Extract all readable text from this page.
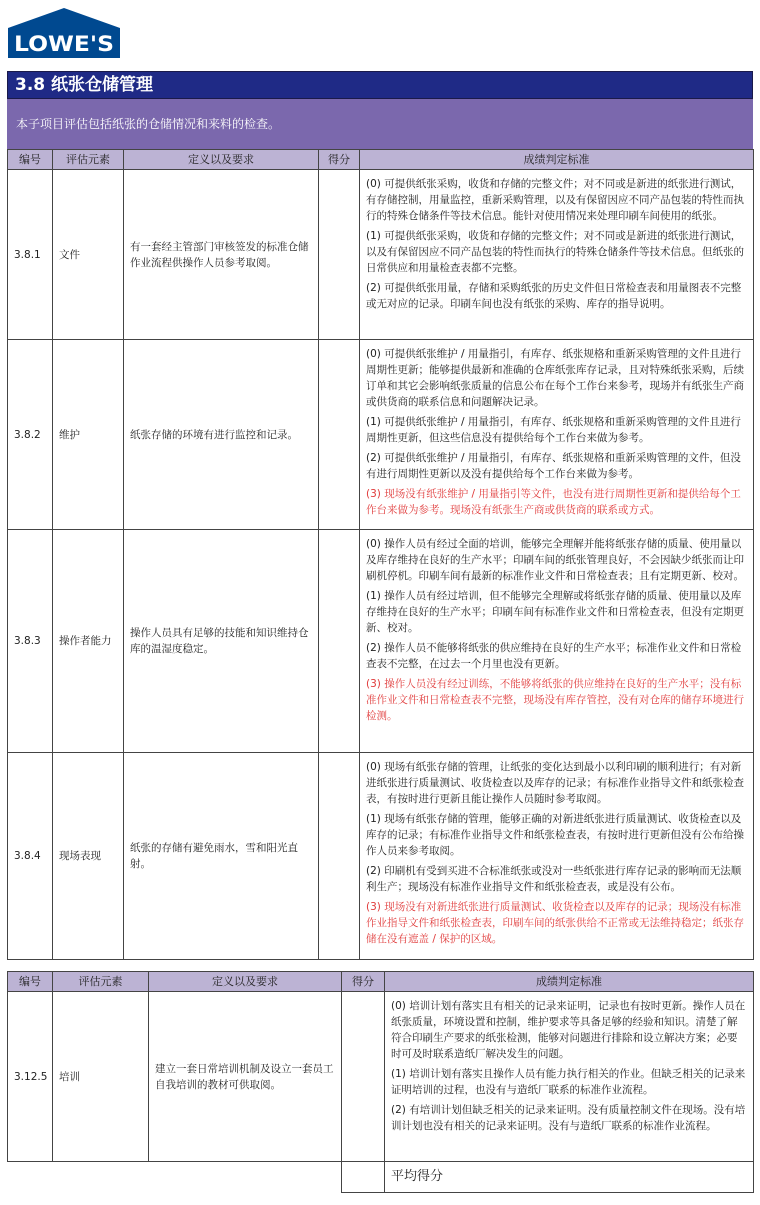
LOWE'S
3.8 纸张仓储管理
本子项目评估包括纸张的仓储情况和来料的检查。
编号	评估元素	定义以及要求	得分	成绩判定标准
3.8.1	文件	有一套经主管部门审核签发的标准仓储作业流程供操作人员参考取阅。		(0) 可提供纸张采购，收货和存储的完整文件；对不同或是新进的纸张进行测试，有存储控制，用量监控，重新采购管理，以及有保留因应不同产品包装的特性而执行的特殊仓储条件等技术信息。能针对使用情况来处理印刷车间使用的纸张。

(1) 可提供纸张采购，收货和存储的完整文件；对不同或是新进的纸张进行测试，以及有保留因应不同产品包装的特性而执行的特殊仓储条件等技术信息。但纸张的日常供应和用量检查表都不完整。

(2) 可提供纸张用量，存储和采购纸张的历史文件但日常检查表和用量图表不完整或无对应的记录。印刷车间也没有纸张的采购、库存的指导说明。

3.8.2	维护	纸张存储的环境有进行监控和记录。		(0) 可提供纸张维护 / 用量指引，有库存、纸张规格和重新采购管理的文件且进行周期性更新；能够提供最新和准确的仓库纸张库存记录，且对特殊纸张采购，后续订单和其它会影响纸张质量的信息公布在每个工作台来参考，现场并有纸张生产商或供货商的联系信息和问题解决记录。

(1) 可提供纸张维护 / 用量指引，有库存、纸张规格和重新采购管理的文件且进行周期性更新，但这些信息没有提供给每个工作台来做为参考。

(2) 可提供纸张维护 / 用量指引，有库存、纸张规格和重新采购管理的文件，但没有进行周期性更新以及没有提供给每个工作台来做为参考。

(3) 现场没有纸张维护 / 用量指引等文件，也没有进行周期性更新和提供给每个工作台来做为参考。现场没有纸张生产商或供货商的联系或方式。

3.8.3	操作者能力	操作人员具有足够的技能和知识维持仓库的温湿度稳定。		(0) 操作人员有经过全面的培训，能够完全理解并能将纸张存储的质量、使用量以及库存维持在良好的生产水平；印刷车间的纸张管理良好，不会因缺少纸张而让印刷机停机。印刷车间有最新的标准作业文件和日常检查表；且有定期更新、校对。

(1) 操作人员有经过培训，但不能够完全理解或将纸张存储的质量、使用量以及库存维持在良好的生产水平；印刷车间有标准作业文件和日常检查表，但没有定期更新、校对。

(2) 操作人员不能够将纸张的供应维持在良好的生产水平；标准作业文件和日常检查表不完整，在过去一个月里也没有更新。

(3) 操作人员没有经过训练，不能够将纸张的供应维持在良好的生产水平；没有标准作业文件和日常检查表不完整，现场没有库存管控，没有对仓库的储存环境进行检测。

3.8.4	现场表现	纸张的存储有避免雨水，雪和阳光直射。		(0) 现场有纸张存储的管理，让纸张的变化达到最小以利印刷的顺利进行；有对新进纸张进行质量测试、收货检查以及库存的记录；有标准作业指导文件和纸张检查表，有按时进行更新且能让操作人员随时参考取阅。

(1) 现场有纸张存储的管理，能够正确的对新进纸张进行质量测试、收货检查以及库存的记录；有标准作业指导文件和纸张检查表，有按时进行更新但没有公布给操作人员来参考取阅。

(2) 印刷机有受到买进不合标准纸张或没对一些纸张进行库存记录的影响而无法顺利生产；现场没有标准作业指导文件和纸张检查表，或是没有公布。

(3) 现场没有对新进纸张进行质量测试、收货检查以及库存的记录；现场没有标准作业指导文件和纸张检查表，印刷车间的纸张供给不正常或无法维持稳定；纸张存储在没有遮盖 / 保护的区域。

编号	评估元素	定义以及要求	得分	成绩判定标准
3.12.5	培训	建立一套日常培训机制及设立一套员工自我培训的教材可供取阅。		(0) 培训计划有落实且有相关的记录来证明，记录也有按时更新。操作人员在纸张质量，环境设置和控制，维护要求等具备足够的经验和知识。清楚了解符合印刷生产要求的纸张检测，能够对问题进行排除和设立解决方案；必要时可及时联系造纸厂解决发生的问题。

(1) 培训计划有落实且操作人员有能力执行相关的作业。但缺乏相关的记录来证明培训的过程，也没有与造纸厂联系的标准作业流程。

(2) 有培训计划但缺乏相关的记录来证明。没有质量控制文件在现场。没有培训计划也没有相关的记录来证明。没有与造纸厂联系的标准作业流程。

				平均得分
